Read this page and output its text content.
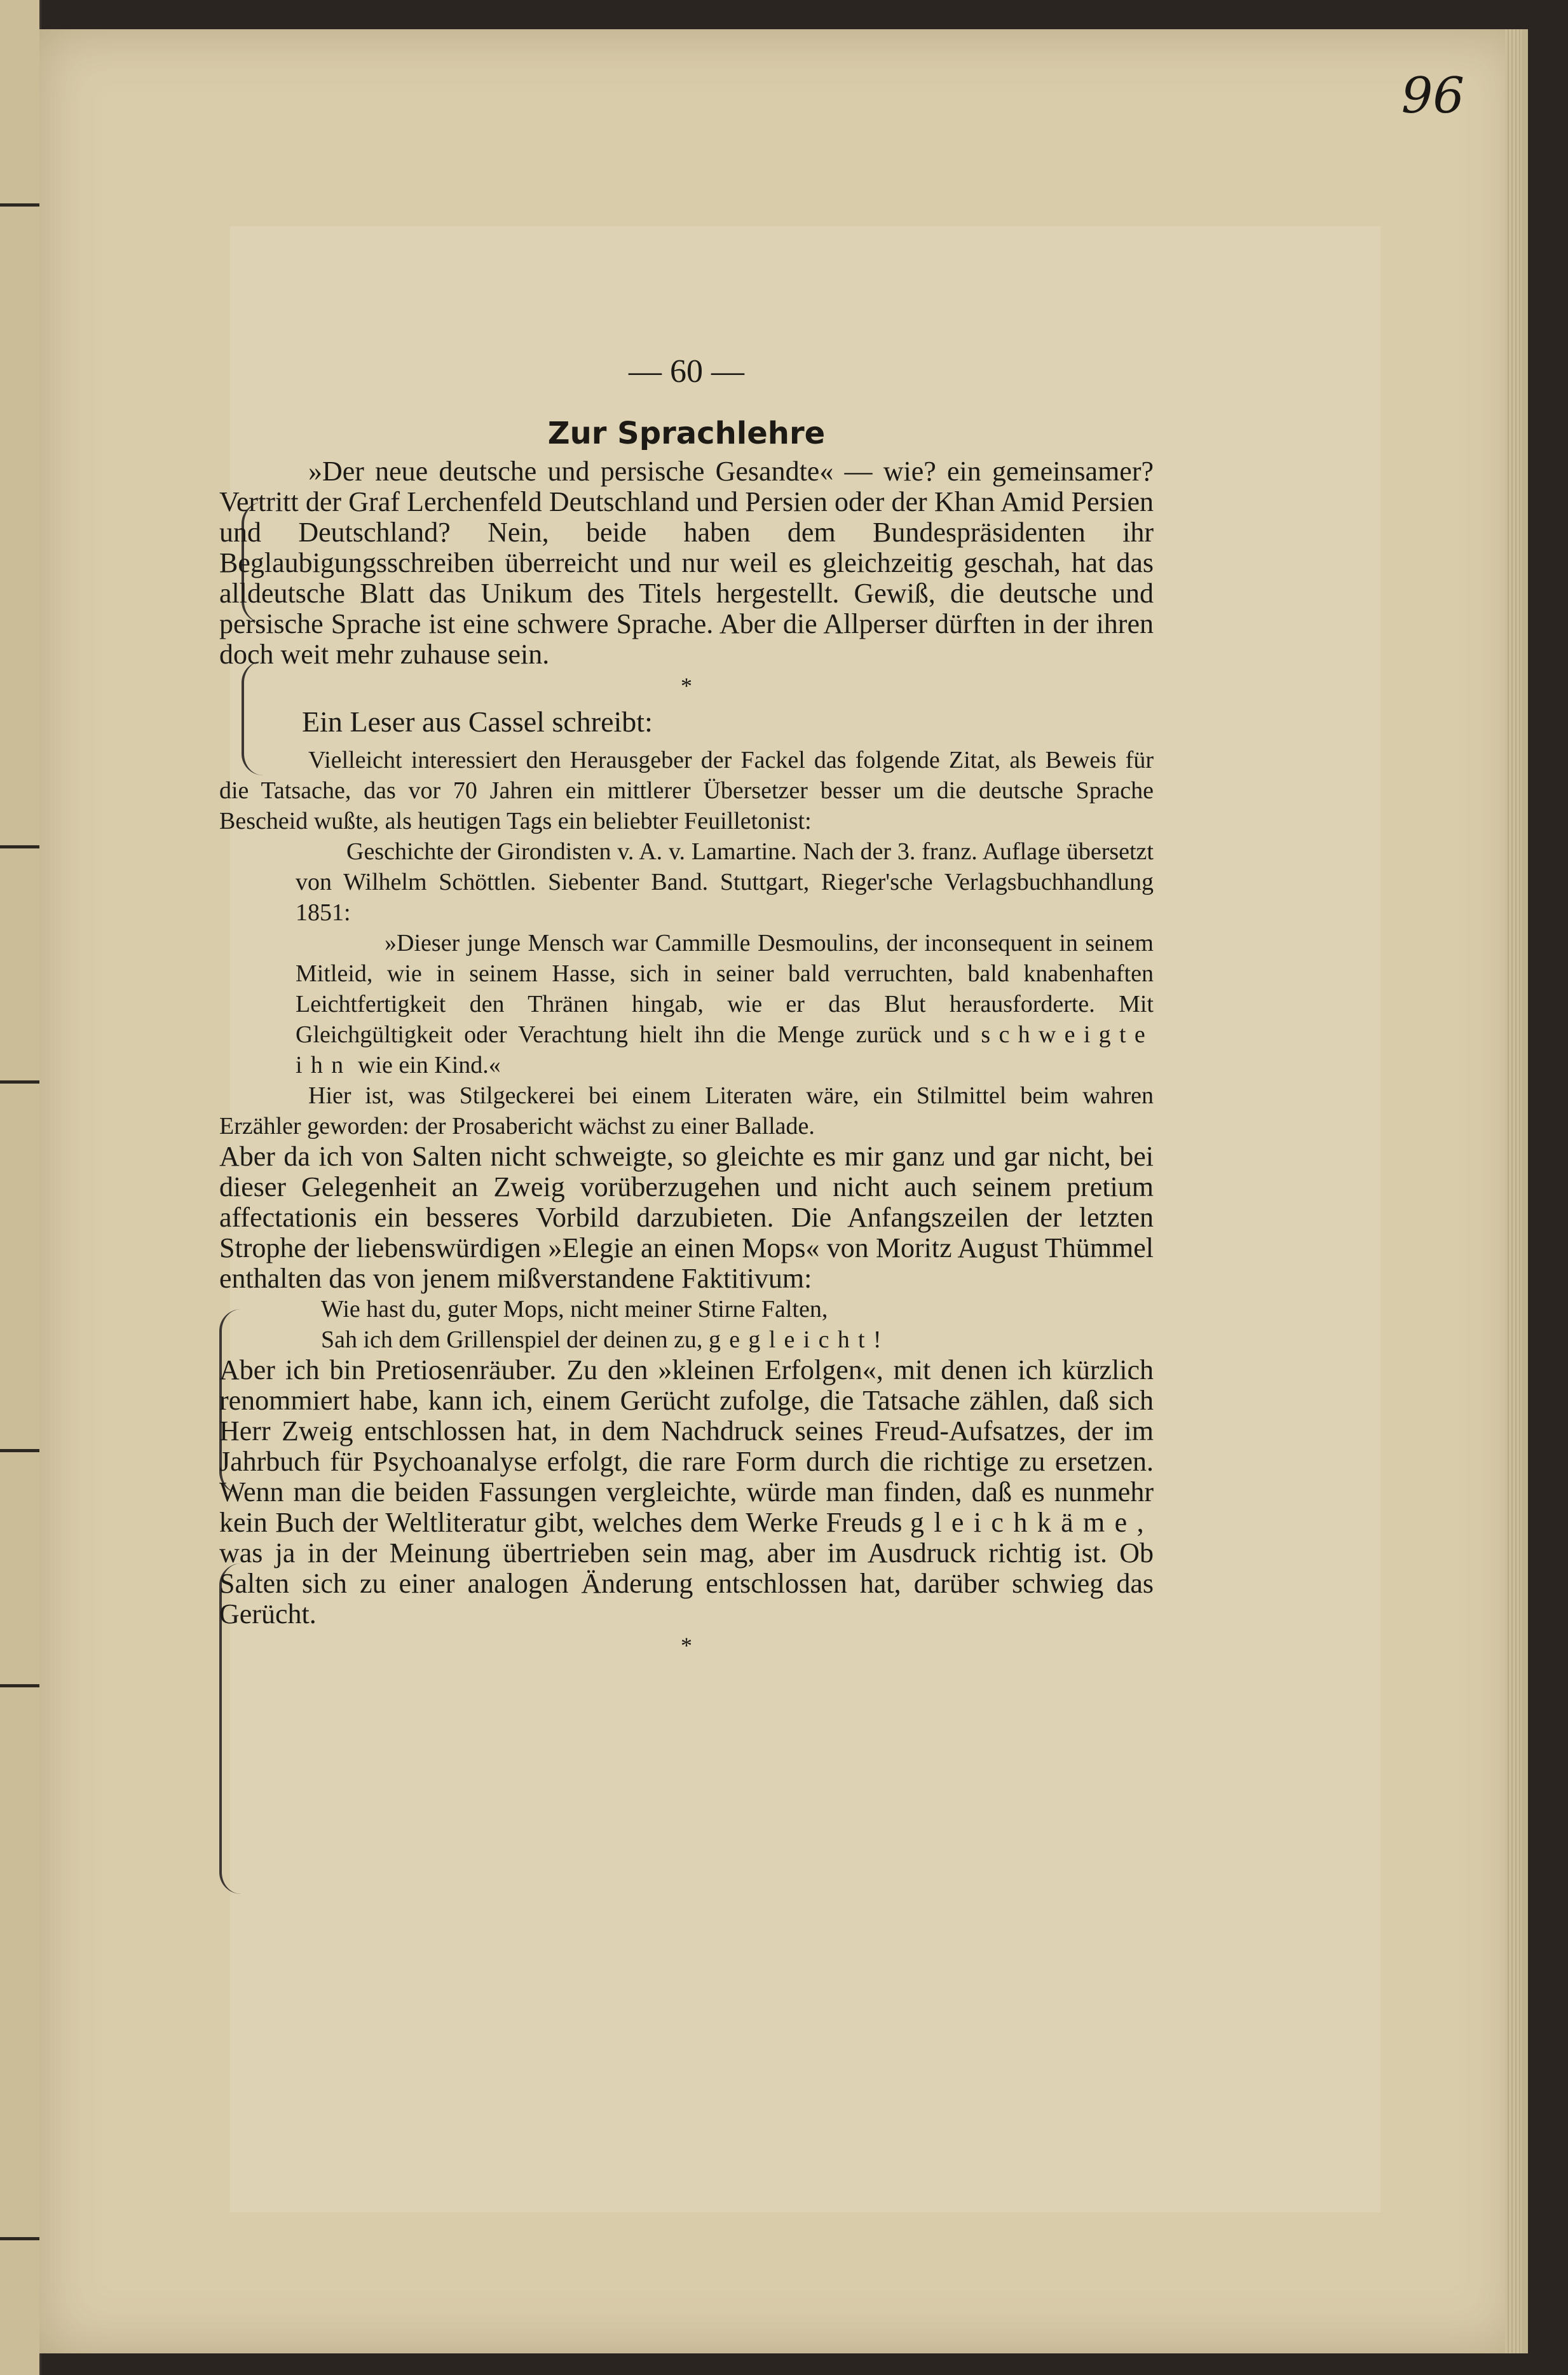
96
— 60 —
Zur Sprachlehre

»Der neue deutsche und persische Gesandte« — wie? ein gemeinsamer? Vertritt der Graf Lerchenfeld Deutschland und Persien oder der Khan Amid Persien und Deutschland? Nein, beide haben dem Bundespräsidenten ihr Beglaubigungsschreiben überreicht und nur weil es gleichzeitig geschah, hat das alldeutsche Blatt das Unikum des Titels hergestellt. Gewiß, die deutsche und persische Sprache ist eine schwere Sprache. Aber die Allperser dürften in der ihren doch weit mehr zuhause sein.

*
Ein Leser aus Cassel schreibt:

Vielleicht interessiert den Herausgeber der Fackel das folgende Zitat, als Beweis für die Tatsache, das vor 70 Jahren ein mittlerer Übersetzer besser um die deutsche Sprache Bescheid wußte, als heutigen Tags ein beliebter Feuilletonist:

Geschichte der Girondisten v. A. v. Lamartine. Nach der 3. franz. Auflage übersetzt von Wilhelm Schöttlen. Siebenter Band. Stuttgart, Rieger'sche Verlagsbuchhandlung 1851:

»Dieser junge Mensch war Cammille Desmoulins, der inconsequent in seinem Mitleid, wie in seinem Hasse, sich in seiner bald verruchten, bald knabenhaften Leichtfertigkeit den Thränen hingab, wie er das Blut herausforderte. Mit Gleichgültigkeit oder Verachtung hielt ihn die Menge zurück und schweigte ihn wie ein Kind.«

Hier ist, was Stilgeckerei bei einem Literaten wäre, ein Stilmittel beim wahren Erzähler geworden: der Prosabericht wächst zu einer Ballade.

Aber da ich von Salten nicht schweigte, so gleichte es mir ganz und gar nicht, bei dieser Gelegenheit an Zweig vorüberzugehen und nicht auch seinem pretium affectationis ein besseres Vorbild darzubieten. Die Anfangszeilen der letzten Strophe der liebenswürdigen »Elegie an einen Mops« von Moritz August Thümmel enthalten das von jenem mißverstandene Faktitivum:

Wie hast du, guter Mops, nicht meiner Stirne Falten,
Sah ich dem Grillenspiel der deinen zu, gegleicht!

Aber ich bin Pretiosenräuber. Zu den »kleinen Erfolgen«, mit denen ich kürzlich renommiert habe, kann ich, einem Gerücht zufolge, die Tatsache zählen, daß sich Herr Zweig entschlossen hat, in dem Nachdruck seines Freud-Aufsatzes, der im Jahrbuch für Psychoanalyse erfolgt, die rare Form durch die richtige zu ersetzen. Wenn man die beiden Fassungen vergleichte, würde man finden, daß es nunmehr kein Buch der Weltliteratur gibt, welches dem Werke Freuds gleichkäme, was ja in der Meinung übertrieben sein mag, aber im Ausdruck richtig ist. Ob Salten sich zu einer analogen Änderung entschlossen hat, darüber schwieg das Gerücht.

*
